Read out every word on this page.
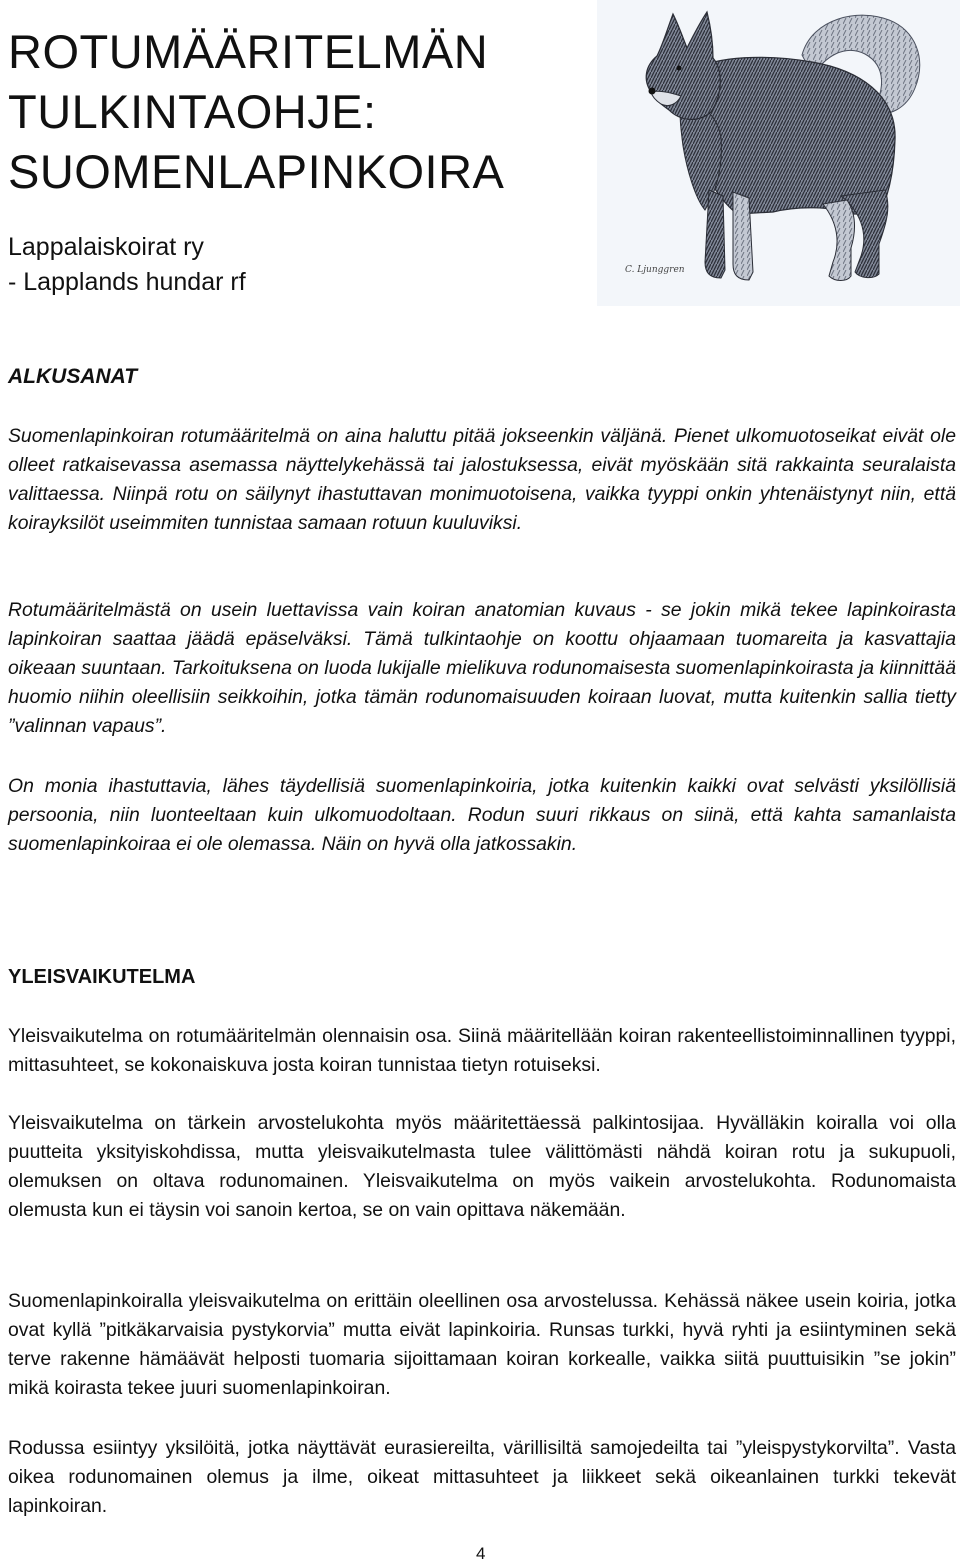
ROTUMÄÄRITELMÄN
TULKINTAOHJE:
SUOMENLAPINKOIRA
Lappalaiskoirat ry
- Lapplands hundar rf	C. Ljunggren
ALKUSANAT

Suomenlapinkoiran rotumääritelmä on aina haluttu pitää jokseenkin väljänä. Pienet ulkomuotoseikat eivät ole olleet ratkaisevassa asemassa näyttelykehässä tai jalostuksessa, eivät myöskään sitä rakkainta seuralaista valittaessa. Niinpä rotu on säilynyt ihastuttavan monimuotoisena, vaikka tyyppi onkin yhtenäistynyt niin, että koirayksilöt useimmiten tunnistaa samaan rotuun kuuluviksi.

Rotumääritelmästä on usein luettavissa vain koiran anatomian kuvaus - se jokin mikä tekee lapinkoirasta lapinkoiran saattaa jäädä epäselväksi. Tämä tulkintaohje on koottu ohjaamaan tuomareita ja kasvattajia oikeaan suuntaan. Tarkoituksena on luoda lukijalle mielikuva rodunomaisesta suomenlapinkoirasta ja kiinnittää huomio niihin oleellisiin seikkoihin, jotka tämän rodunomaisuuden koiraan luovat, mutta kuitenkin sallia tietty ”valinnan vapaus”.

On monia ihastuttavia, lähes täydellisiä suomenlapinkoiria, jotka kuitenkin kaikki ovat selvästi yksilöllisiä persoonia, niin luonteeltaan kuin ulkomuodoltaan. Rodun suuri rikkaus on siinä, että kahta samanlaista suomenlapinkoiraa ei ole olemassa. Näin on hyvä olla jatkossakin.

YLEISVAIKUTELMA

Yleisvaikutelma on rotumääritelmän olennaisin osa. Siinä määritellään koiran rakenteellistoiminnallinen tyyppi, mittasuhteet, se kokonaiskuva josta koiran tunnistaa tietyn rotuiseksi.

Yleisvaikutelma on tärkein arvostelukohta myös määritettäessä palkintosijaa. Hyvälläkin koiralla voi olla puutteita yksityiskohdissa, mutta yleisvaikutelmasta tulee välittömästi nähdä koiran rotu ja sukupuoli, olemuksen on oltava rodunomainen. Yleisvaikutelma on myös vaikein arvostelukohta. Rodunomaista olemusta kun ei täysin voi sanoin kertoa, se on vain opittava näkemään.

Suomenlapinkoiralla yleisvaikutelma on erittäin oleellinen osa arvostelussa. Kehässä näkee usein koiria, jotka ovat kyllä ”pitkäkarvaisia pystykorvia” mutta eivät lapinkoiria. Runsas turkki, hyvä ryhti ja esiintyminen sekä terve rakenne hämäävät helposti tuomaria sijoittamaan koiran korkealle, vaikka siitä puuttuisikin ”se jokin” mikä koirasta tekee juuri suomenlapinkoiran.

Rodussa esiintyy yksilöitä, jotka näyttävät eurasiereilta, värillisiltä samojedeilta tai ”yleispystykorvilta”. Vasta oikea rodunomainen olemus ja ilme, oikeat mittasuhteet ja liikkeet sekä oikeanlainen turkki tekevät lapinkoiran.

4
